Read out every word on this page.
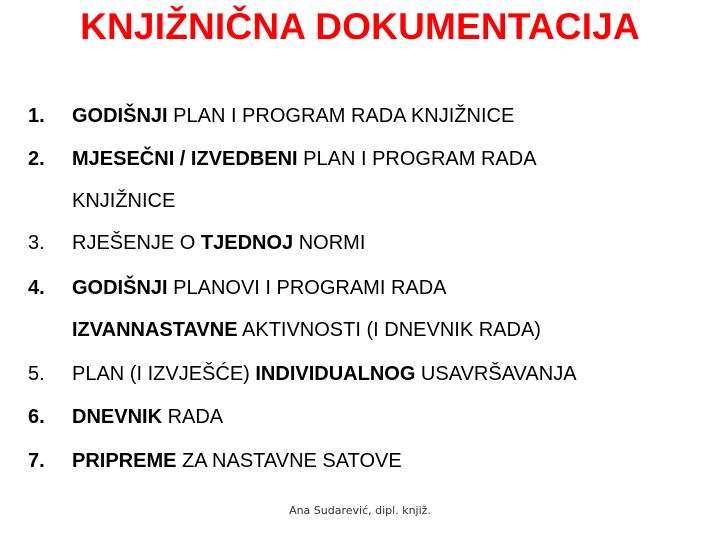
KNJIŽNIČNA DOKUMENTACIJA
1. GODIŠNJI PLAN I PROGRAM RADA KNJIŽNICE
2. MJESEČNI / IZVEDBENI PLAN I PROGRAM RADA
KNJIŽNICE
3. RJEŠENJE O TJEDNOJ NORMI
4. GODIŠNJI PLANOVI I PROGRAMI RADA
IZVANNASTAVNE AKTIVNOSTI (I DNEVNIK RADA)
5. PLAN (I IZVJEŠĆE) INDIVIDUALNOG USAVRŠAVANJA
6. DNEVNIK RADA
7. PRIPREME ZA NASTAVNE SATOVE
Ana Sudarević, dipl. knjiž.
